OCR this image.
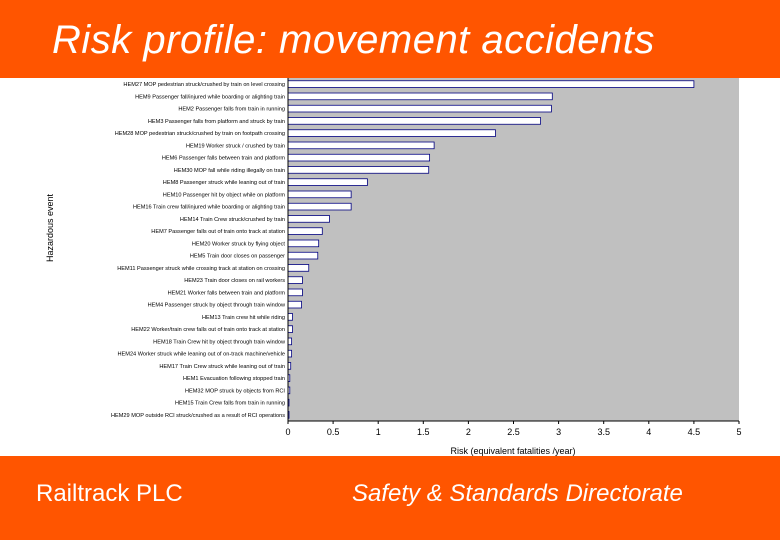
Risk profile: movement accidents
HEM27 MOP pedestrian struck/crushed by train on level crossing
HEM9 Passenger fall/injured while boarding or alighting train
HEM2 Passenger falls from train in running
HEM3 Passenger falls from platform and struck by train
HEM28 MOP pedestrian struck/crushed by train on footpath crossing
HEM19 Worker struck / crushed by train
HEM6 Passenger falls between train and platform
HEM30 MOP fall while riding illegally on train
HEM8 Passenger struck while leaning out of train
HEM10 Passenger hit by object while on platform
HEM16 Train crew fall/injured while boarding or alighting train
HEM14 Train Crew struck/crushed by train
HEM7 Passenger falls out of train onto track at station
HEM20 Worker struck by flying object
HEM5 Train door closes on passenger
HEM11 Passenger struck while crossing track at station on crossing
HEM23 Train door closes on rail workers
HEM21 Worker falls between train and platform
HEM4 Passenger struck by object through train window
HEM13 Train crew hit while riding
HEM22 Worker/train crew falls out of train onto track at station
HEM18 Train Crew hit by object through train window
HEM24 Worker struck while leaning out of on-track machine/vehicle
HEM17 Train Crew struck while leaning out of train
HEM1 Evacuation following stopped train
HEM32 MOP struck by objects from RCI
HEM15 Train Crew falls from train in running
HEM29 MOP outside RCI struck/crushed as a result of RCI operations
0	0.5	1	1.5	2	2.5	3	3.5	4	4.5	5
Risk (equivalent fatalities /year)
Hazardous event
Railtrack PLC	Safety & Standards Directorate
